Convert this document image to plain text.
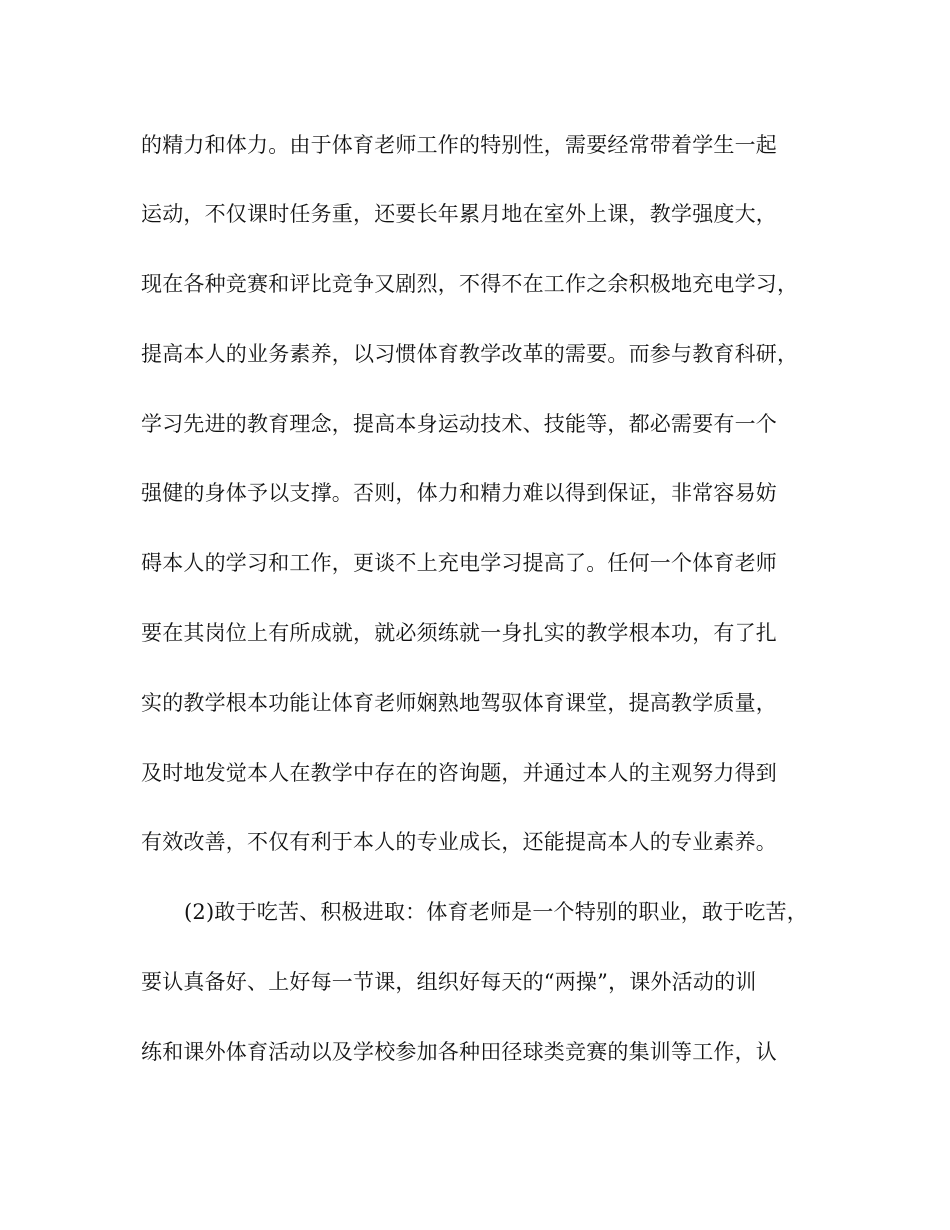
的精力和体力。由于体育老师工作的特别性，需要经常带着学生一起
运动，不仅课时任务重，还要长年累月地在室外上课，教学强度大，
现在各种竞赛和评比竞争又剧烈，不得不在工作之余积极地充电学习，
提高本人的业务素养，以习惯体育教学改革的需要。而参与教育科研，
学习先进的教育理念，提高本身运动技术、技能等，都必需要有一个
强健的身体予以支撑。否则，体力和精力难以得到保证，非常容易妨
碍本人的学习和工作，更谈不上充电学习提高了。任何一个体育老师
要在其岗位上有所成就，就必须练就一身扎实的教学根本功，有了扎
实的教学根本功能让体育老师娴熟地驾驭体育课堂，提高教学质量，
及时地发觉本人在教学中存在的咨询题，并通过本人的主观努力得到
有效改善，不仅有利于本人的专业成长，还能提高本人的专业素养。
(2)敢于吃苦、积极进取：体育老师是一个特别的职业，敢于吃苦，
要认真备好、上好每一节课，组织好每天的“两操”，课外活动的训
练和课外体育活动以及学校参加各种田径球类竞赛的集训等工作，认
